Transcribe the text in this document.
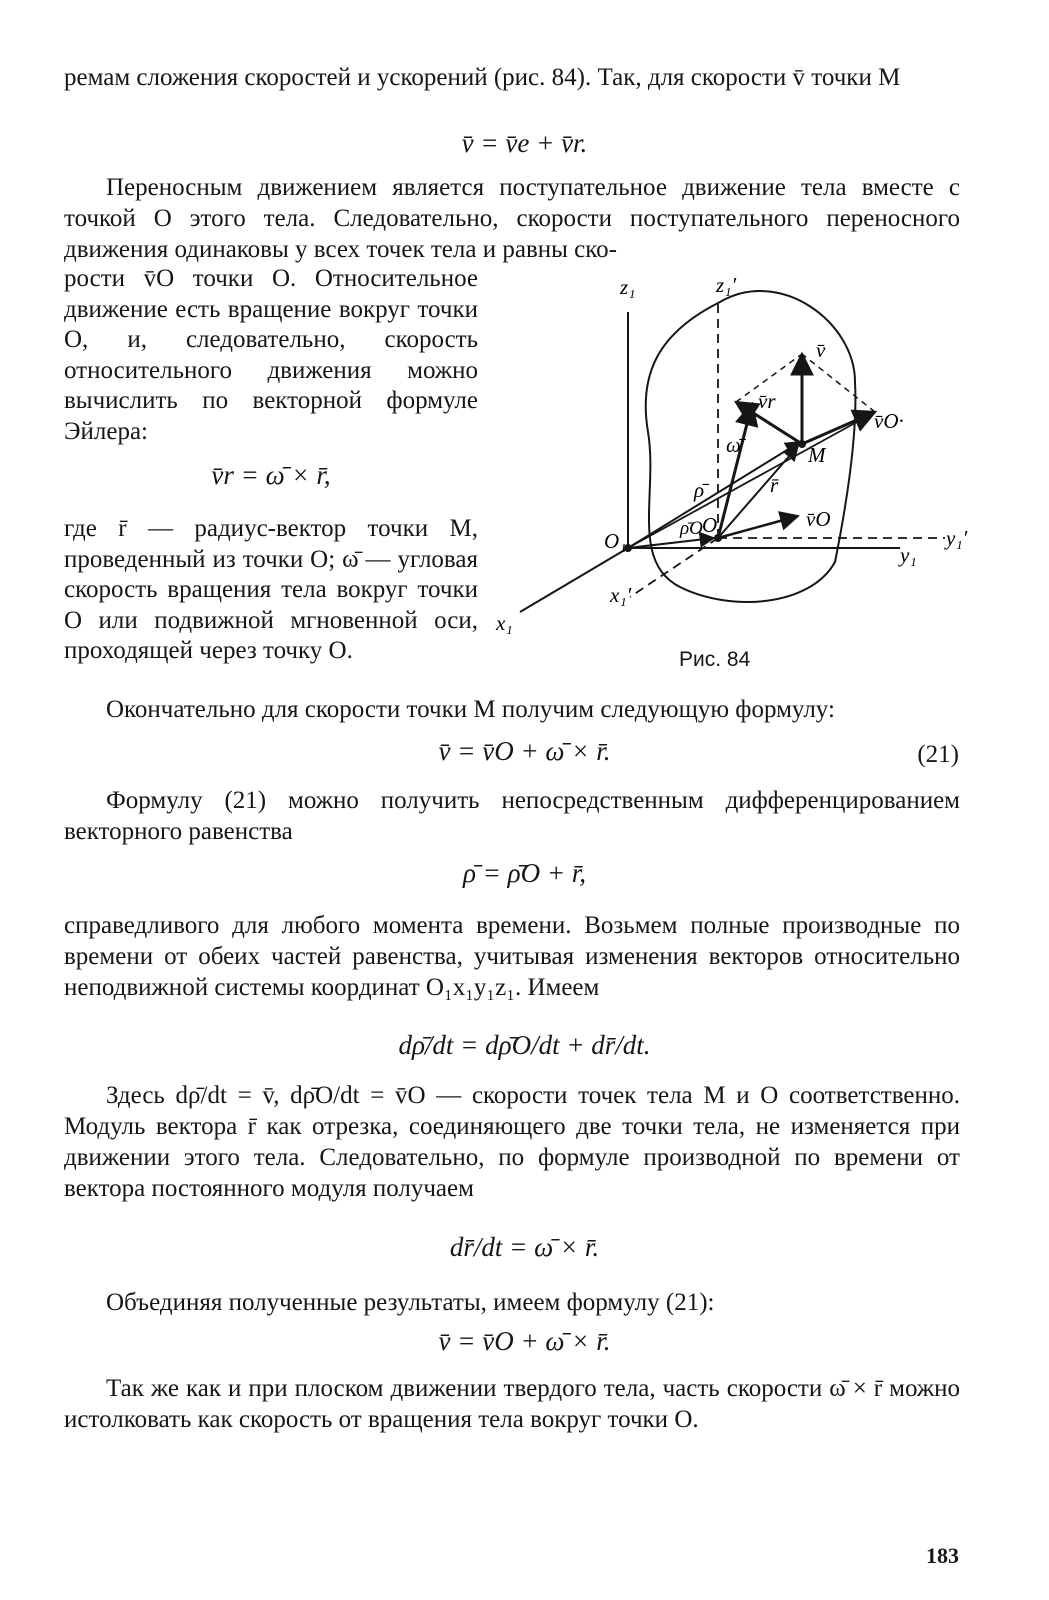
ремам сложения скоростей и ускорений (рис. 84). Так, для скорости v̄ точки M

v̄ = v̄e + v̄r.

Переносным движением является поступательное движение тела вместе с точкой O этого тела. Следовательно, скорости поступательного переносного движения одинаковы у всех точек тела и равны ско-

рости v̄O точки O. Относительное движение есть вращение вокруг точки O, и, следовательно, скорость относительного движения можно вычислить по векторной формуле Эйлера:

v̄r = ω̄ × r̄,

где r̄ — радиус-вектор точки M, проведенный из точки O; ω̄ — угловая скорость вращения тела вокруг точки O или подвижной мгновенной оси, проходящей через точку O.

z₁	z₁′
y₁
y₁′
x₁
x₁′
O₁
O
M
v̄
v̄r
v̄O·
ω̄
ρ̄
ρ̄O
r̄
v̄O
Рис. 84

Окончательно для скорости точки M получим следующую формулу:

v̄ = v̄O + ω̄ × r̄.	(21)

Формулу (21) можно получить непосредственным дифференцированием векторного равенства

ρ̄ = ρ̄O + r̄,

справедливого для любого момента времени. Возьмем полные производные по времени от обеих частей равенства, учитывая изменения векторов относительно неподвижной системы координат O₁x₁y₁z₁. Имеем

dρ̄/dt = dρ̄O/dt + dr̄/dt.

Здесь dρ̄/dt = v̄, dρ̄O/dt = v̄O — скорости точек тела M и O соответственно. Модуль вектора r̄ как отрезка, соединяющего две точки тела, не изменяется при движении этого тела. Следовательно, по формуле производной по времени от вектора постоянного модуля получаем

dr̄/dt = ω̄ × r̄.

Объединяя полученные результаты, имеем формулу (21):

v̄ = v̄O + ω̄ × r̄.

Так же как и при плоском движении твердого тела, часть скорости ω̄ × r̄ можно истолковать как скорость от вращения тела вокруг точки O.

183
